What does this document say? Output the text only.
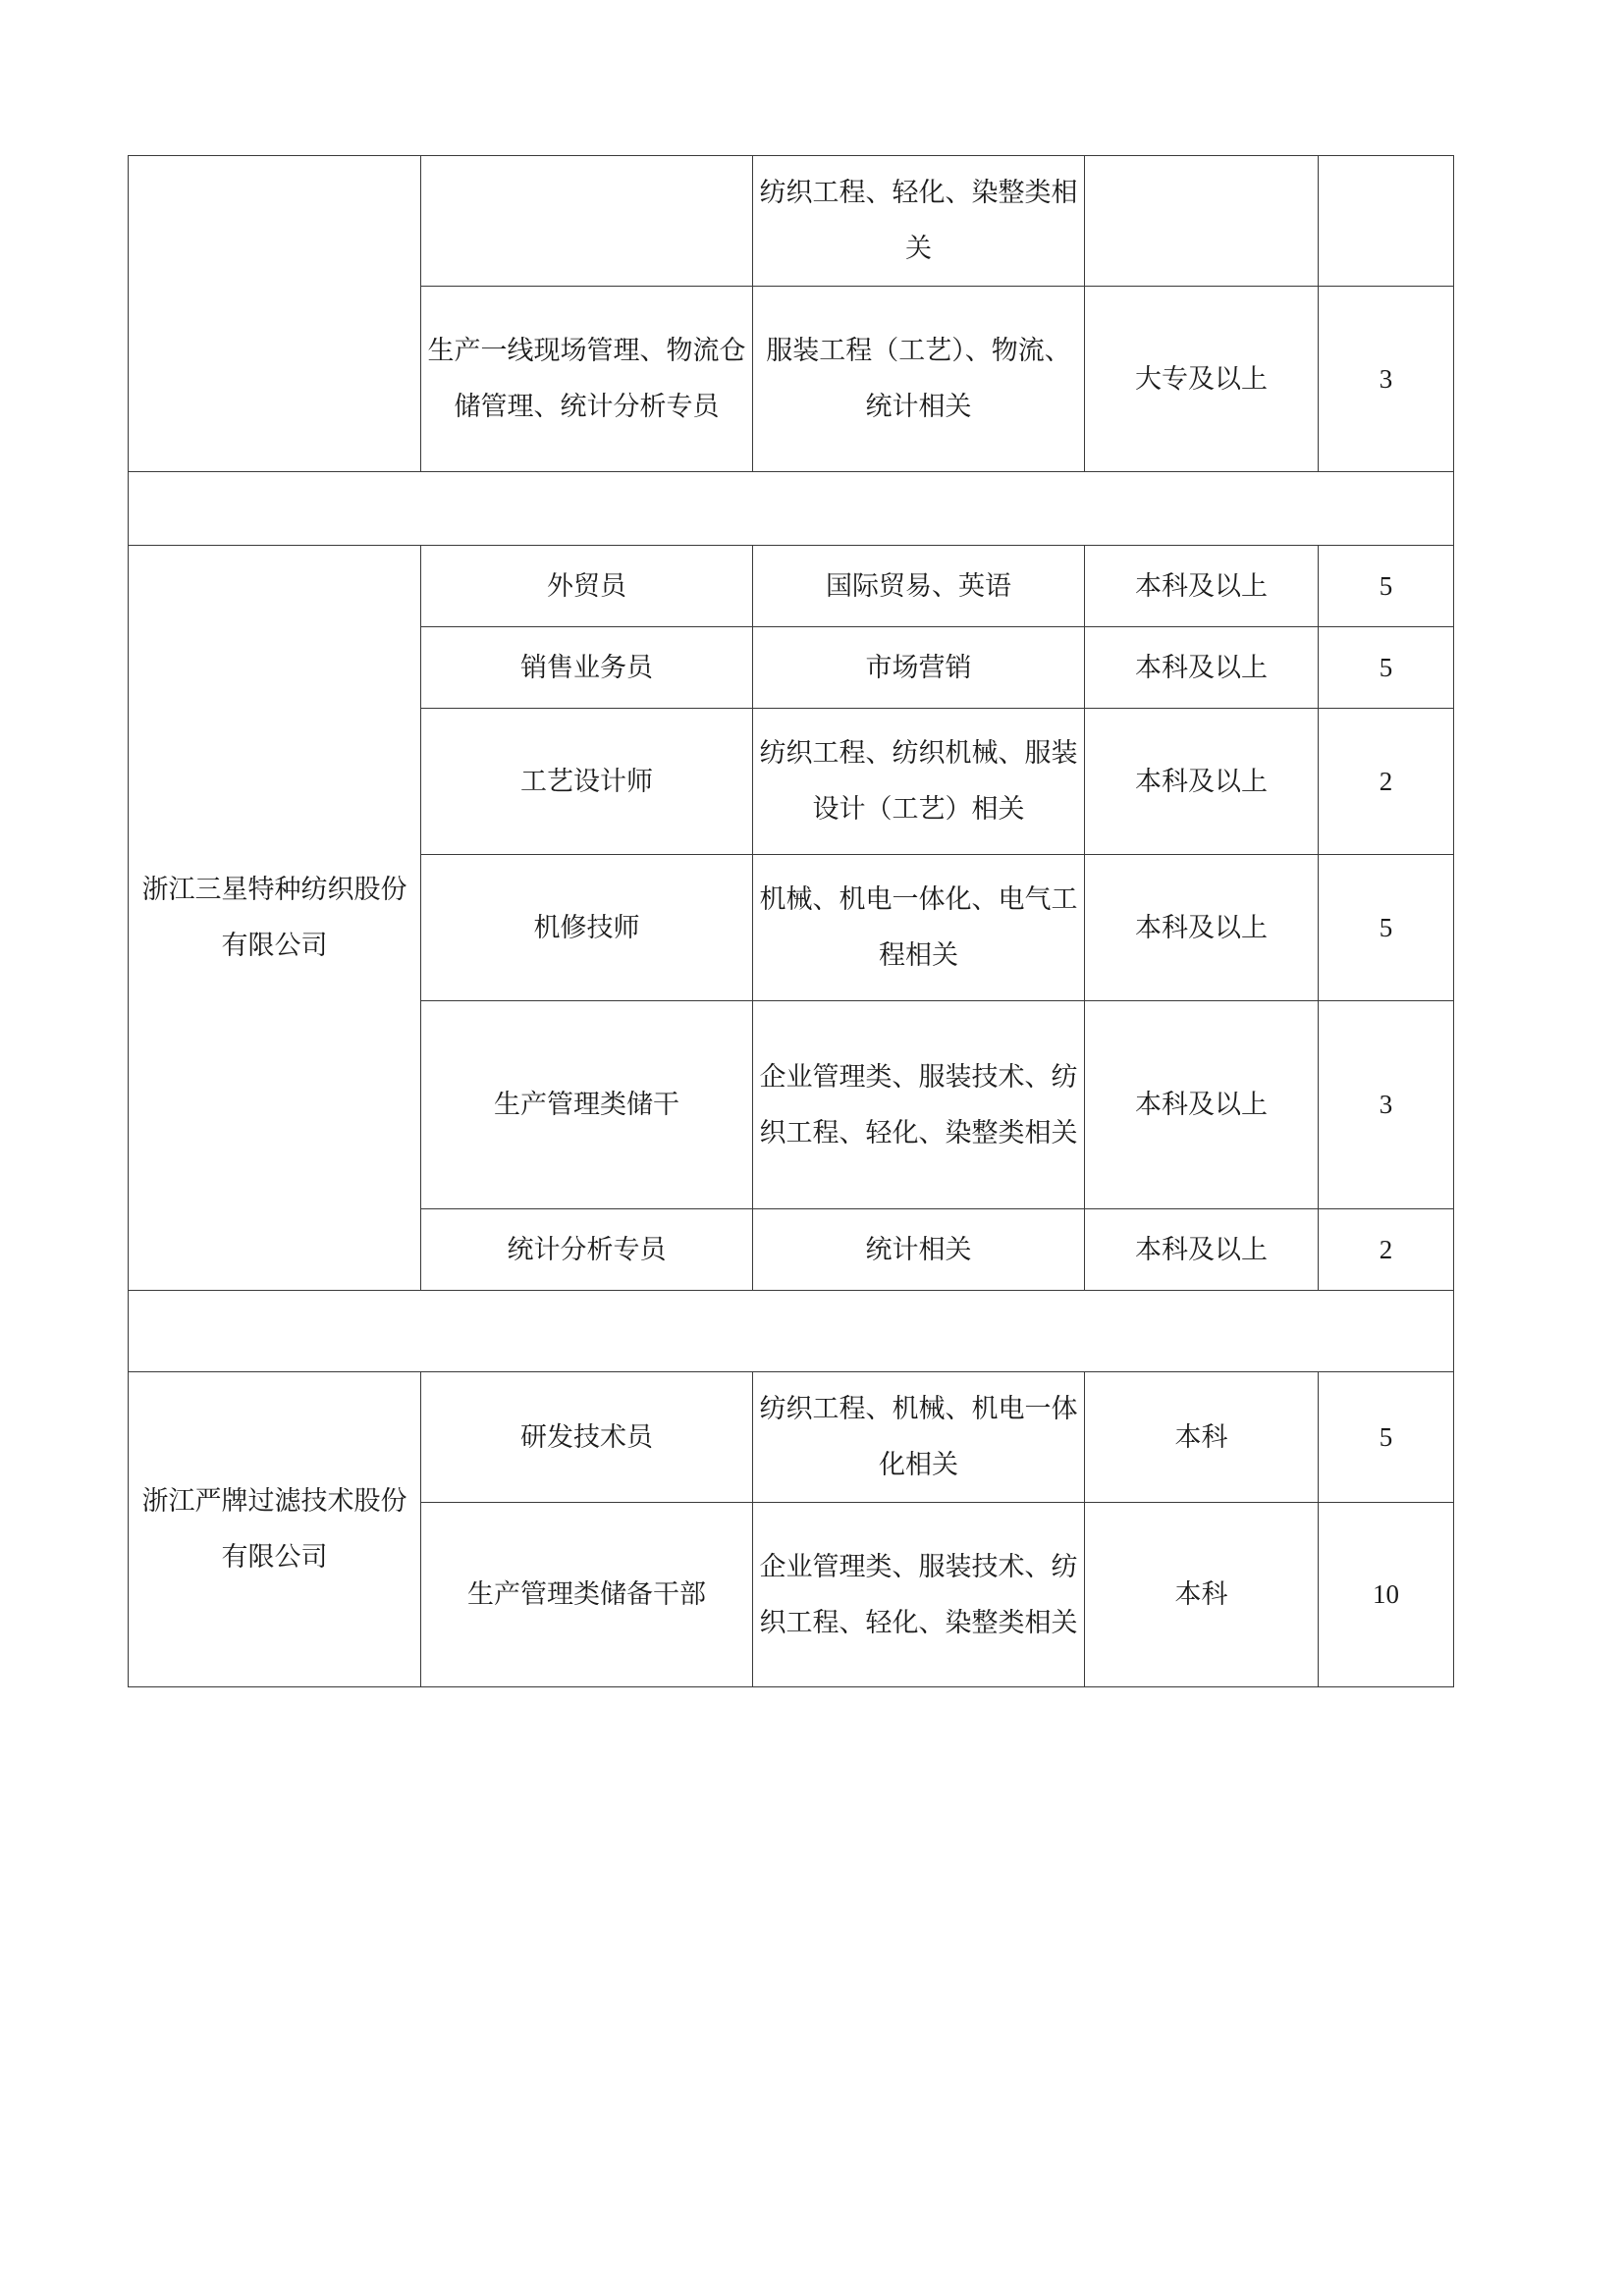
		纺织工程、轻化、染整类相关		
	生产一线现场管理、物流仓储管理、统计分析专员	服装工程（工艺）、物流、统计相关	大专及以上	3

浙江三星特种纺织股份有限公司	外贸员	国际贸易、英语	本科及以上	5
	销售业务员	市场营销	本科及以上	5
	工艺设计师	纺织工程、纺织机械、服装设计（工艺）相关	本科及以上	2
	机修技师	机械、机电一体化、电气工程相关	本科及以上	5
	生产管理类储干	企业管理类、服装技术、纺织工程、轻化、染整类相关	本科及以上	3
	统计分析专员	统计相关	本科及以上	2

浙江严牌过滤技术股份有限公司	研发技术员	纺织工程、机械、机电一体化相关	本科	5
	生产管理类储备干部	企业管理类、服装技术、纺织工程、轻化、染整类相关	本科	10
